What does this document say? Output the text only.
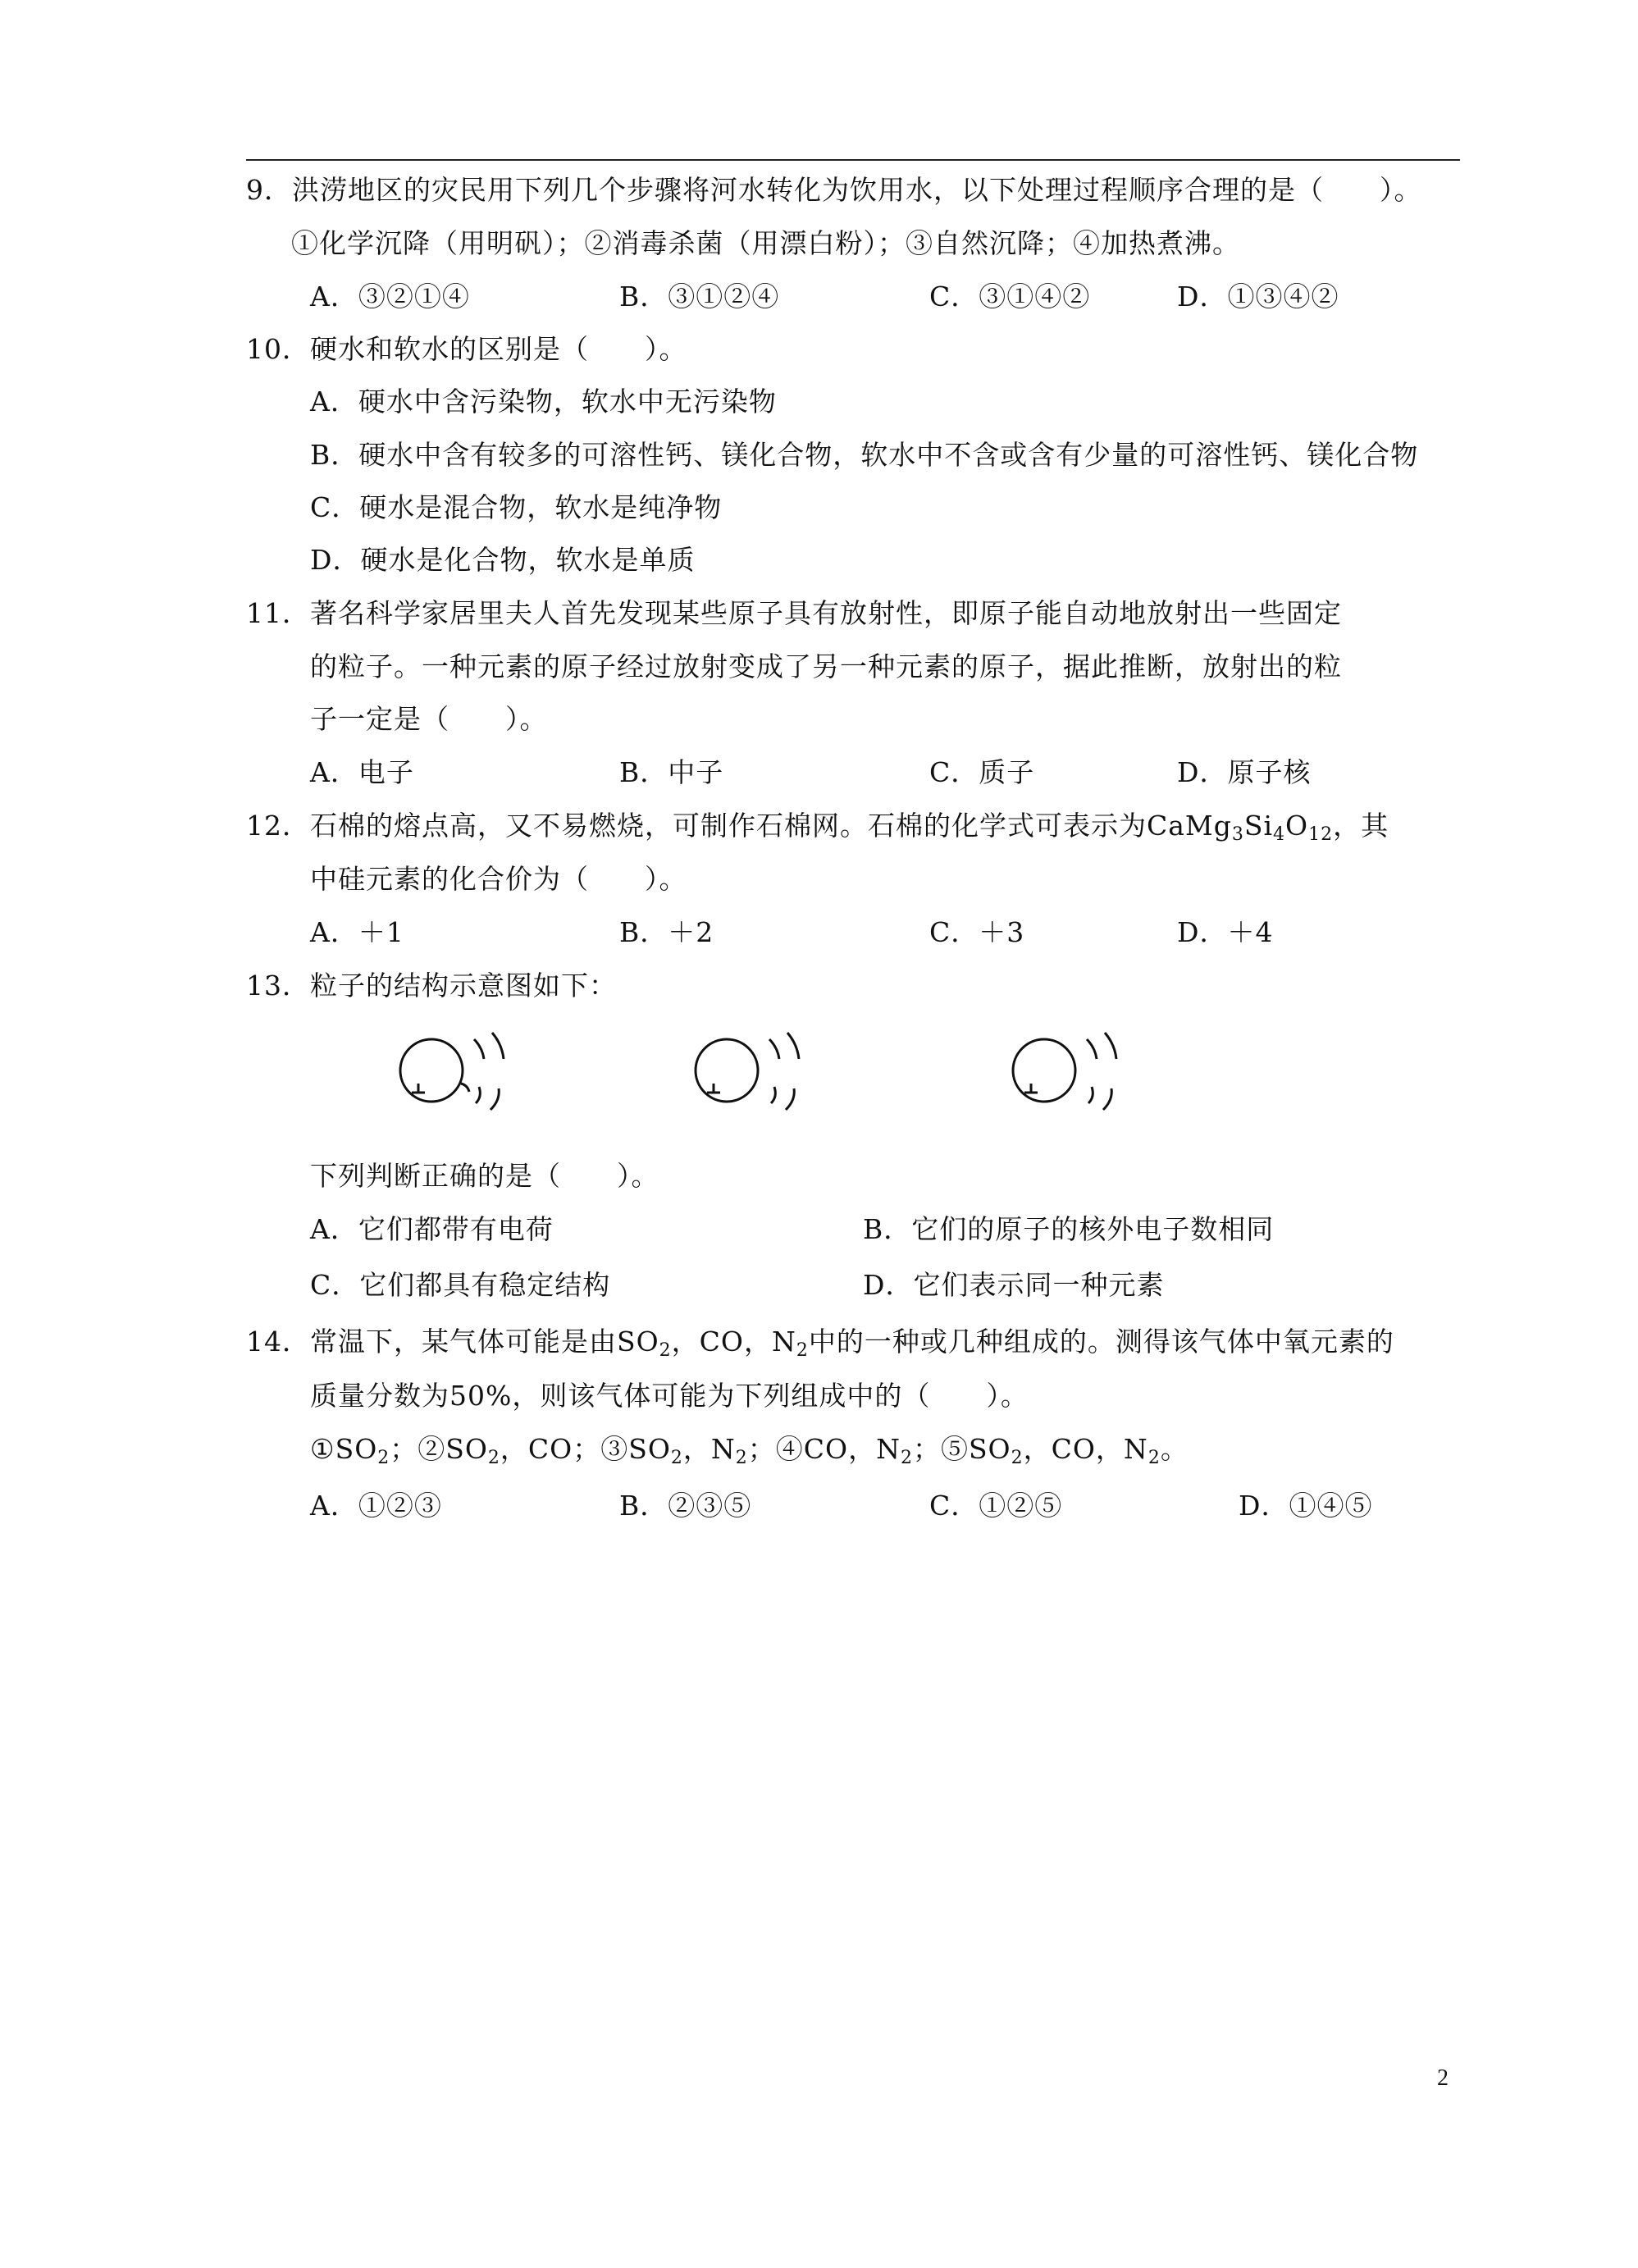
9．洪涝地区的灾民用下列几个步骤将河水转化为饮用水，以下处理过程顺序合理的是（　　）。
①化学沉降（用明矾）；②消毒杀菌（用漂白粉）；③自然沉降；④加热煮沸。
A．③②①④	B．③①②④	C．③①④②	D．①③④②
10．硬水和软水的区别是（　　）。
A．硬水中含污染物，软水中无污染物
B．硬水中含有较多的可溶性钙、镁化合物，软水中不含或含有少量的可溶性钙、镁化合物
C．硬水是混合物，软水是纯净物
D．硬水是化合物，软水是单质
11．著名科学家居里夫人首先发现某些原子具有放射性，即原子能自动地放射出一些固定
的粒子。一种元素的原子经过放射变成了另一种元素的原子，据此推断，放射出的粒
子一定是（　　）。
A．电子	B．中子	C．质子	D．原子核
12．石棉的熔点高，又不易燃烧，可制作石棉网。石棉的化学式可表示为$CaMg_3Si_4O_{12}$，其
中硅元素的化合价为（　　）。
A．＋1	B．＋2	C．＋3	D．＋4
13．粒子的结构示意图如下：
下列判断正确的是（　　）。
A．它们都带有电荷	B．它们的原子的核外电子数相同
C．它们都具有稳定结构	D．它们表示同一种元素
14．常温下，某气体可能是由$SO_2$，CO，$N_2$中的一种或几种组成的。测得该气体中氧元素的
质量分数为50%，则该气体可能为下列组成中的（　　）。
$①SO_2$；$②SO_2$，CO；$③SO_2$，$N_2$；④CO，$N_2$；$⑤SO_2$，CO，$N_2$。
A．①②③	B．②③⑤	C．①②⑤	D．①④⑤
2
